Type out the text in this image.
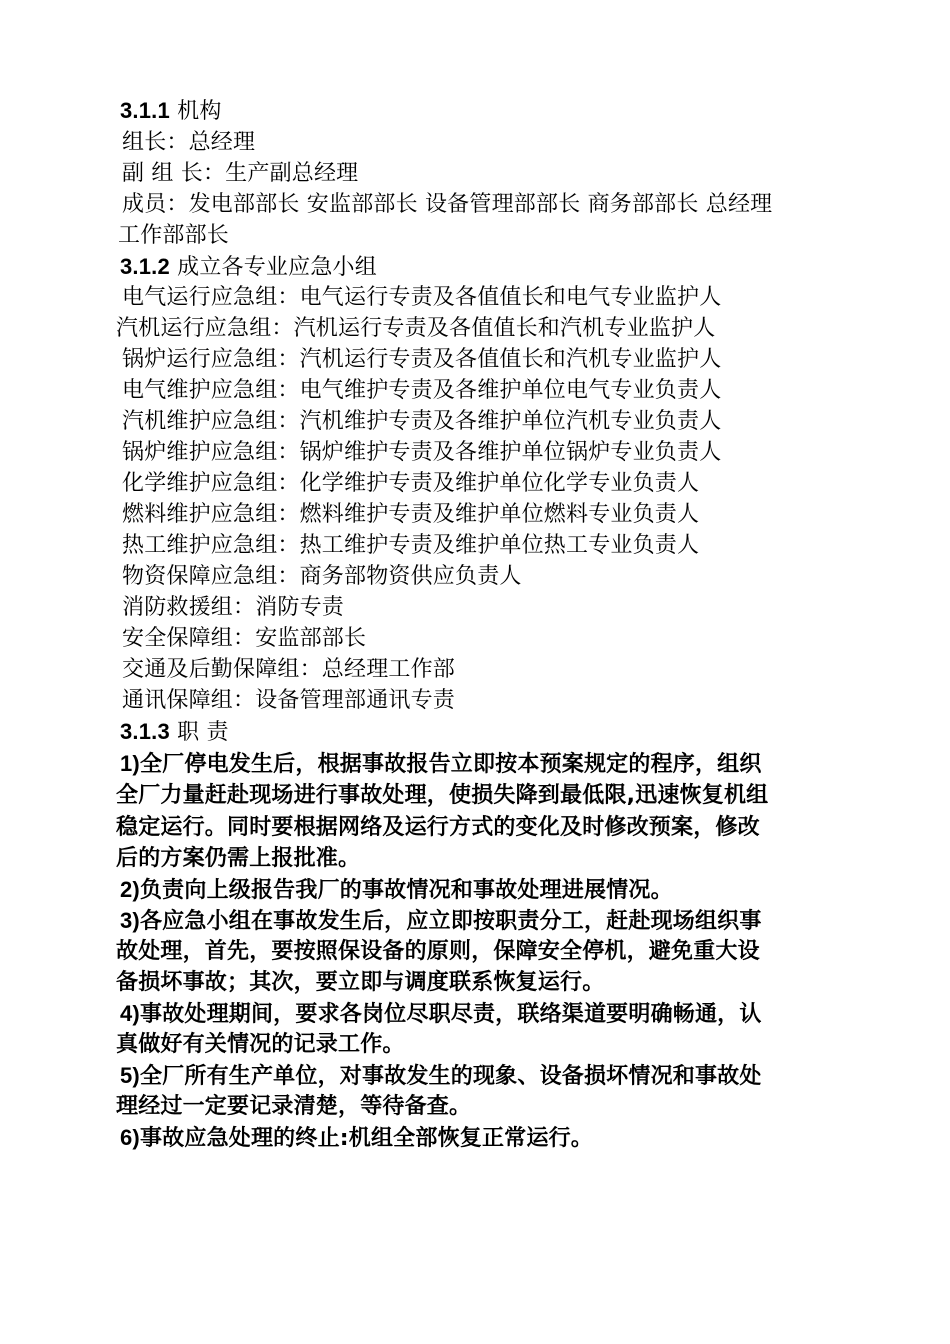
3.1.1 机构
组长：总经理
副 组 长：生产副总经理
成员：发电部部长 安监部部长 设备管理部部长 商务部部长 总经理
工作部部长
3.1.2 成立各专业应急小组
电气运行应急组：电气运行专责及各值值长和电气专业监护人
汽机运行应急组：汽机运行专责及各值值长和汽机专业监护人
锅炉运行应急组：汽机运行专责及各值值长和汽机专业监护人
电气维护应急组：电气维护专责及各维护单位电气专业负责人
汽机维护应急组：汽机维护专责及各维护单位汽机专业负责人
锅炉维护应急组：锅炉维护专责及各维护单位锅炉专业负责人
化学维护应急组：化学维护专责及维护单位化学专业负责人
燃料维护应急组：燃料维护专责及维护单位燃料专业负责人
热工维护应急组：热工维护专责及维护单位热工专业负责人
物资保障应急组：商务部物资供应负责人
消防救援组：消防专责
安全保障组：安监部部长
交通及后勤保障组：总经理工作部
通讯保障组：设备管理部通讯专责
3.1.3 职 责
1)全厂停电发生后，根据事故报告立即按本预案规定的程序，组织
全厂力量赶赴现场进行事故处理，使损失降到最低限,迅速恢复机组
稳定运行。同时要根据网络及运行方式的变化及时修改预案，修改
后的方案仍需上报批准。
2)负责向上级报告我厂的事故情况和事故处理进展情况。
3)各应急小组在事故发生后，应立即按职责分工，赶赴现场组织事
故处理，首先，要按照保设备的原则，保障安全停机，避免重大设
备损坏事故；其次，要立即与调度联系恢复运行。
4)事故处理期间，要求各岗位尽职尽责，联络渠道要明确畅通，认
真做好有关情况的记录工作。
5)全厂所有生产单位，对事故发生的现象、设备损坏情况和事故处
理经过一定要记录清楚，等待备查。
6)事故应急处理的终止:机组全部恢复正常运行。
